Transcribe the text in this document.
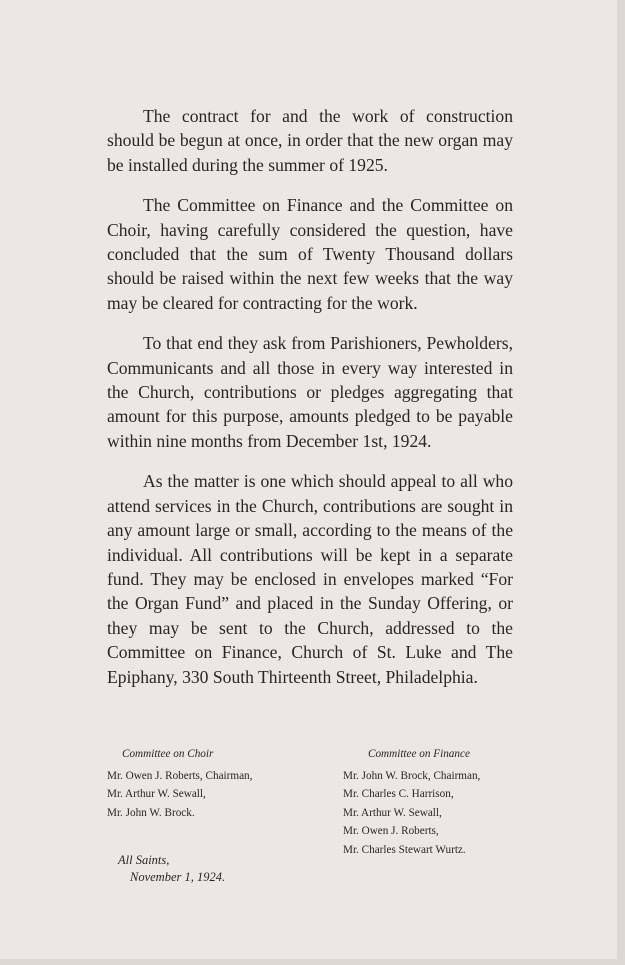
The contract for and the work of construction should be begun at once, in order that the new organ may be installed during the summer of 1925.

The Committee on Finance and the Committee on Choir, having carefully considered the question, have concluded that the sum of Twenty Thousand dollars should be raised within the next few weeks that the way may be cleared for contracting for the work.

To that end they ask from Parishioners, Pewholders, Communicants and all those in every way interested in the Church, contributions or pledges aggregating that amount for this purpose, amounts pledged to be payable within nine months from December 1st, 1924.

As the matter is one which should appeal to all who attend services in the Church, contributions are sought in any amount large or small, according to the means of the individual. All contributions will be kept in a separate fund. They may be enclosed in envelopes marked “For the Organ Fund” and placed in the Sunday Offering, or they may be sent to the Church, addressed to the Committee on Finance, Church of St. Luke and The Epiphany, 330 South Thirteenth Street, Philadelphia.

Committee on Choir
Mr. Owen J. Roberts, Chairman,
Mr. Arthur W. Sewall,
Mr. John W. Brock.
Committee on Finance
Mr. John W. Brock, Chairman,
Mr. Charles C. Harrison,
Mr. Arthur W. Sewall,
Mr. Owen J. Roberts,
Mr. Charles Stewart Wurtz.
All Saints,
November 1, 1924.
